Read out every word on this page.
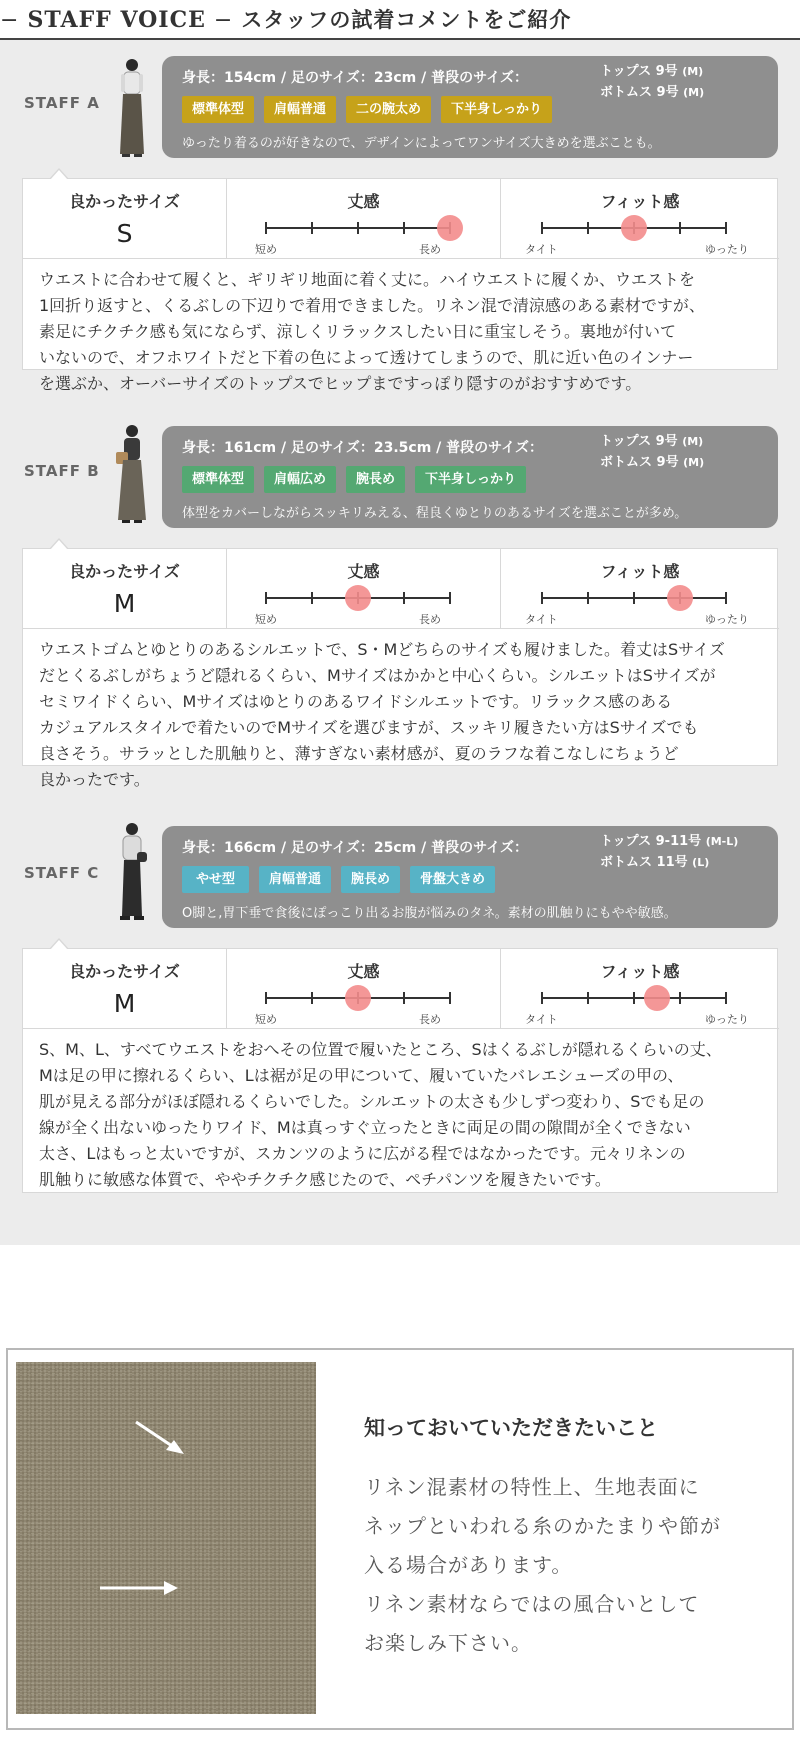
− STAFF VOICE − スタッフの試着コメントをご紹介
STAFF A
身長：154cm / 足のサイズ：23cm / 普段のサイズ：	トップス 9号 (M)
ボトムス 9号 (M)
標準体型 肩幅普通 二の腕太め 下半身しっかり
ゆったり着るのが好きなので、デザインによってワンサイズ大きめを選ぶことも。
良かったサイズ
S
丈感
短め	長め
フィット感
タイト	ゆったり
ウエストに合わせて履くと、ギリギリ地面に着く丈に。ハイウエストに履くか、ウエストを
1回折り返すと、くるぶしの下辺りで着用できました。リネン混で清涼感のある素材ですが、
素足にチクチク感も気にならず、涼しくリラックスしたい日に重宝しそう。裏地が付いて
いないので、オフホワイトだと下着の色によって透けてしまうので、肌に近い色のインナー
を選ぶか、オーバーサイズのトップスでヒップまですっぽり隠すのがおすすめです。
STAFF B
身長：161cm / 足のサイズ：23.5cm / 普段のサイズ：	トップス 9号 (M)
ボトムス 9号 (M)
標準体型 肩幅広め 腕長め 下半身しっかり
体型をカバーしながらスッキリみえる、程良くゆとりのあるサイズを選ぶことが多め。
良かったサイズ
M
丈感
短め	長め
フィット感
タイト	ゆったり
ウエストゴムとゆとりのあるシルエットで、S・Mどちらのサイズも履けました。着丈はSサイズ
だとくるぶしがちょうど隠れるくらい、Mサイズはかかと中心くらい。シルエットはSサイズが
セミワイドくらい、Mサイズはゆとりのあるワイドシルエットです。リラックス感のある
カジュアルスタイルで着たいのでMサイズを選びますが、スッキリ履きたい方はSサイズでも
良さそう。サラッとした肌触りと、薄すぎない素材感が、夏のラフな着こなしにちょうど
良かったです。
STAFF C
身長：166cm / 足のサイズ：25cm / 普段のサイズ：	トップス 9-11号 (M-L)
ボトムス 11号 (L)
やせ型	肩幅普通 腕長め 骨盤大きめ
O脚と,胃下垂で食後にぽっこり出るお腹が悩みのタネ。素材の肌触りにもやや敏感。
良かったサイズ
M
丈感
短め	長め
フィット感
タイト	ゆったり
S、M、L、すべてウエストをおへその位置で履いたところ、Sはくるぶしが隠れるくらいの丈、
Mは足の甲に擦れるくらい、Lは裾が足の甲について、履いていたバレエシューズの甲の、
肌が見える部分がほぼ隠れるくらいでした。シルエットの太さも少しずつ変わり、Sでも足の
線が全く出ないゆったりワイド、Mは真っすぐ立ったときに両足の間の隙間が全くできない
太さ、Lはもっと太いですが、スカンツのように広がる程ではなかったです。元々リネンの
肌触りに敏感な体質で、ややチクチク感じたので、ペチパンツを履きたいです。
知っておいていただきたいこと
リネン混素材の特性上、生地表面に
ネップといわれる糸のかたまりや節が
入る場合があります。
リネン素材ならではの風合いとして
お楽しみ下さい。
